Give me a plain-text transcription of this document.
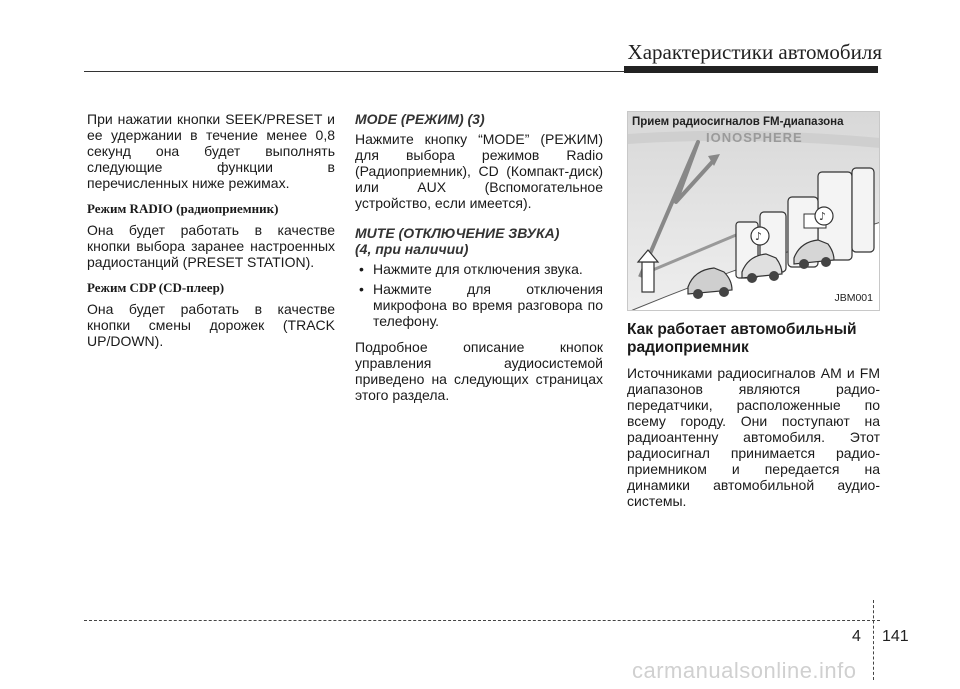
Характеристики автомобиля

При нажатии кнопки SEEK/PRESET и ее удержании в течение менее 0,8 секунд она будет выполнять следующие функции в перечисленных ниже режимах.

Режим RADIO (радиоприемник)

Она будет работать в качестве кнопки выбора заранее настроенных радиостанций (PRESET STATION).

Режим CDP (CD-плеер)

Она будет работать в качестве кнопки смены дорожек (TRACK UP/DOWN).

MODE (РЕЖИМ) (3)

Нажмите кнопку “MODE” (РЕЖИМ) для выбора режимов Radio (Радиоприемник), CD (Компакт-диск) или AUX (Вспомогательное устройство, если имеется).

MUTE (ОТКЛЮЧЕНИЕ ЗВУКА)
(4, при наличии)
• Нажмите для отключения звука.
• Нажмите для отключения микрофона во время разговора по телефону.

Подробное описание кнопок управления аудиосистемой приведено на следующих страницах этого раздела.

IONOSPHERE
♪
♪
Прием радиосигналов FM-диапазона
JBM001
Как работает автомобильный радиоприемник

Источниками радиосигналов AM и FM диапазонов являются радио-передатчики, расположенные по всему городу. Они поступают на радиоантенну автомобиля. Этот радиосигнал принимается радио-приемником и передается на динамики автомобильной аудио-системы.

4 141
carmanualsonline.info
